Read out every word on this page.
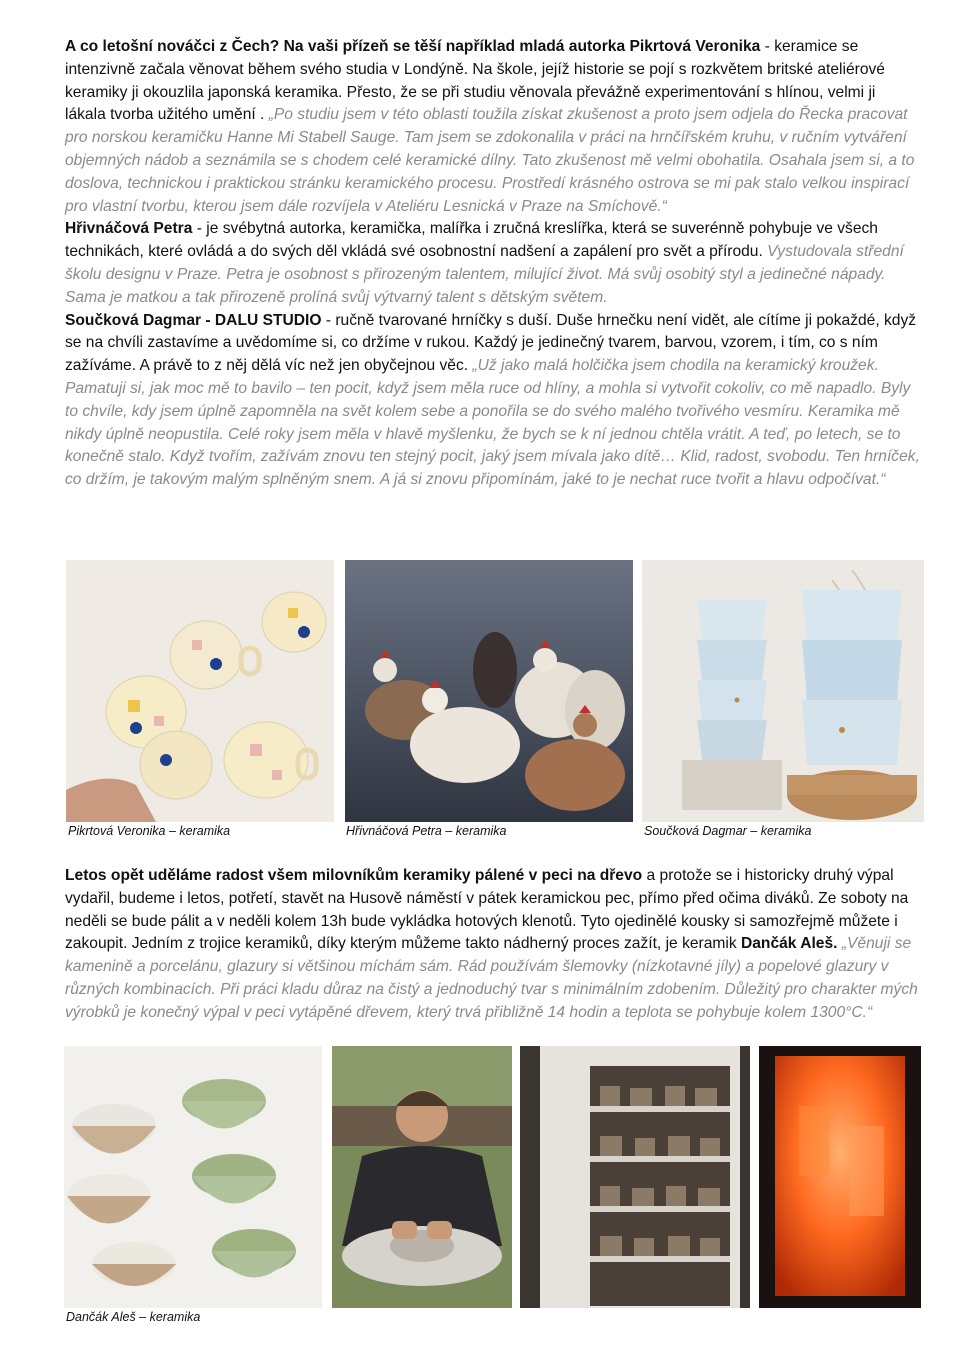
A co letošní nováčci z Čech? Na vaši přízeň se těší například mladá autorka Pikrtová Veronika - keramice se intenzivně začala věnovat během svého studia v Londýně. Na škole, jejíž historie se pojí s rozkvětem britské ateliérové keramiky ji okouzlila japonská keramika. Přesto, že se při studiu věnovala převážně experimentování s hlínou, velmi ji lákala tvorba užitého umění . „Po studiu jsem v této oblasti toužila získat zkušenost a proto jsem odjela do Řecka pracovat pro norskou keramičku Hanne Mi Stabell Sauge. Tam jsem se zdokonalila v práci na hrnčířském kruhu, v ručním vytváření objemných nádob a seznámila se s chodem celé keramické dílny. Tato zkušenost mě velmi obohatila. Osahala jsem si, a to doslova, technickou i praktickou stránku keramického procesu. Prostředí krásného ostrova se mi pak stalo velkou inspirací pro vlastní tvorbu, kterou jsem dále rozvíjela v Ateliéru Lesnická v Praze na Smíchově.“
Hřivnáčová Petra - je svébytná autorka, keramička, malířka i zručná kreslířka, která se suverénně pohybuje ve všech technikách, které ovládá a do svých děl vkládá své osobnostní nadšení a zapálení pro svět a přírodu. Vystudovala střední školu designu v Praze. Petra je osobnost s přirozeným talentem, milující život. Má svůj osobitý styl a jedinečné nápady. Sama je matkou a tak přirozeně prolíná svůj výtvarný talent s dětským světem.
Součková Dagmar - DALU STUDIO - ručně tvarované hrníčky s duší. Duše hrnečku není vidět, ale cítíme ji pokaždé, když se na chvíli zastavíme a uvědomíme si, co držíme v rukou. Každý je jedinečný tvarem, barvou, vzorem, i tím, co s ním zažíváme. A právě to z něj dělá víc než jen obyčejnou věc. „Už jako malá holčička jsem chodila na keramický kroužek. Pamatuji si, jak moc mě to bavilo – ten pocit, když jsem měla ruce od hlíny, a mohla si vytvořit cokoliv, co mě napadlo. Byly to chvíle, kdy jsem úplně zapomněla na svět kolem sebe a ponořila se do svého malého tvořivého vesmíru. Keramika mě nikdy úplně neopustila. Celé roky jsem měla v hlavě myšlenku, že bych se k ní jednou chtěla vrátit. A teď, po letech, se to konečně stalo. Když tvořím, zažívám znovu ten stejný pocit, jaký jsem mívala jako dítě… Klid, radost, svobodu. Ten hrníček, co držím, je takovým malým splněným snem. A já si znovu připomínám, jaké to je nechat ruce tvořit a hlavu odpočívat.“

Pikrtová Veronika – keramika	Hřivnáčová Petra – keramika	Součková Dagmar – keramika

Letos opět uděláme radost všem milovníkům keramiky pálené v peci na dřevo a protože se i historicky druhý výpal vydařil, budeme i letos, potřetí, stavět na Husově náměstí v pátek keramickou pec, přímo před očima diváků. Ze soboty na neděli se bude pálit a v neděli kolem 13h bude vykládka hotových klenotů. Tyto ojedinělé kousky si samozřejmě můžete i zakoupit. Jedním z trojice keramiků, díky kterým můžeme takto nádherný proces zažít, je keramik Dančák Aleš. „Věnuji se kamenině a porcelánu, glazury si většinou míchám sám. Rád používám šlemovky (nízkotavné jíly) a popelové glazury v různých kombinacích. Při práci kladu důraz na čistý a jednoduchý tvar s minimálním zdobením. Důležitý pro charakter mých výrobků je konečný výpal v peci vytápěné dřevem, který trvá přibližně 14 hodin a teplota se pohybuje kolem 1300°C.“

Dančák Aleš – keramika
